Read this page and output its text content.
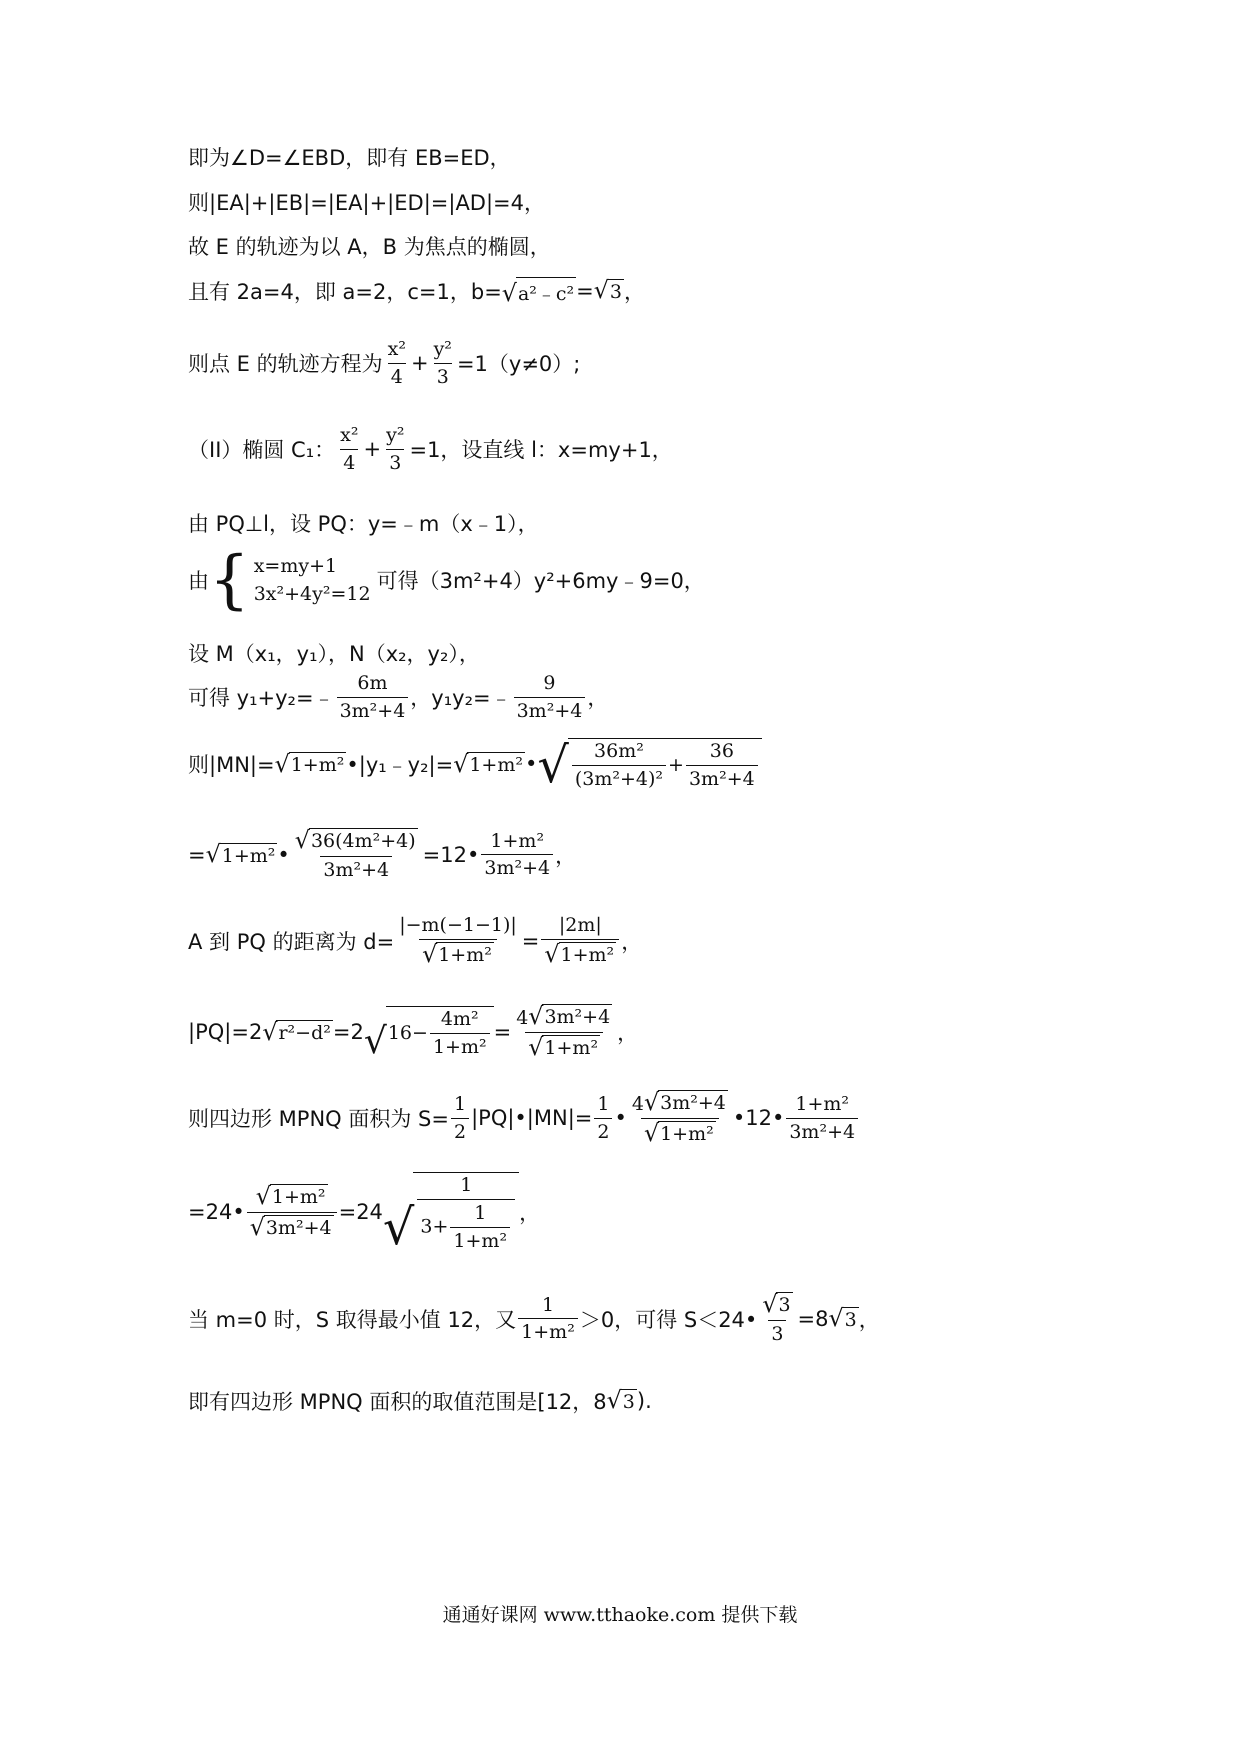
即为∠D=∠EBD，即有 EB=ED，
则|EA|+|EB|=|EA|+|ED|=|AD|=4，
故 E 的轨迹为以 A，B 为焦点的椭圆，
且有 2a=4，即 a=2，c=1，b= √ a²﹣c² = √ 3 ，
则点 E 的轨迹方程为 $\frac{\text{x²}}{4} + \frac{\text{y²}}{3} =1(y\ne 0)$;
（II）椭圆 C₁： $\frac{\text{x²}}{4} + \frac{\text{y²}}{3} =1$，设直线 l：x=my+1，
由 PQ⊥l，设 PQ：y=﹣m（x﹣1），
由 { x=my+1
3x²+4y²=12
可得（3m²+4）y²+6my﹣9=0，
设 M（x₁，y₁），N（x₂，y₂），
可得 y₁+y₂=﹣ $\frac{6m}{\text{3m²+4}}$ ，y₁y₂=﹣ $\frac{9}{\text{3m²+4}}$ ，
则|MN|= √ 1+m² •|y₁﹣y₂|= √ 1+m² • √ $\frac{\text{36m²}}{\text{(3m²+4)²}} + \frac{36}{\text{3m²+4}}$
= √ 1+m² • $\frac{\text{√ 36(4m²+4)}}{\text{3m²+4}}$ =12• $\frac{\text{1+m²}}{\text{3m²+4}}$ ，
A 到 PQ 的距离为 $d= \frac{|-m(-1-1)|}{\text{√ 1+m²}} = \frac{|2m|}{\text{√ 1+m²}}$ ，
|PQ|=2 √ r²−d² =2 √ $16- \frac{\text{4m²}}{\text{1+m²}} = \frac{\text{4 √ 3m²+4}}{\text{√ 1+m²}}$ ，
则四边形 MPNQ 面积为 $S= \frac{1}{2}$ |PQ|•|MN|= $\frac{1}{2}$ • $\frac{\text{4 √ 3m²+4}}{\text{√ 1+m²}}$ •12• $\frac{\text{1+m²}}{\text{3m²+4}}$
=24• $\frac{\text{√ 1+m²}}{\text{√ 3m²+4}} =24$ √ $\frac{1}{3+ \frac{1}{\text{1+m²}}}$ ，
当 m=0 时，S 取得最小值 12，又 $\frac{1}{\text{1+m²}} >0$，可得 S＜24• $\frac{√ 3}{3} =8$ √ 3 ，
即有四边形 MPNQ 面积的取值范围是[12，8 √ 3 ).
通通好课网 www.tthaoke.com 提供下载
